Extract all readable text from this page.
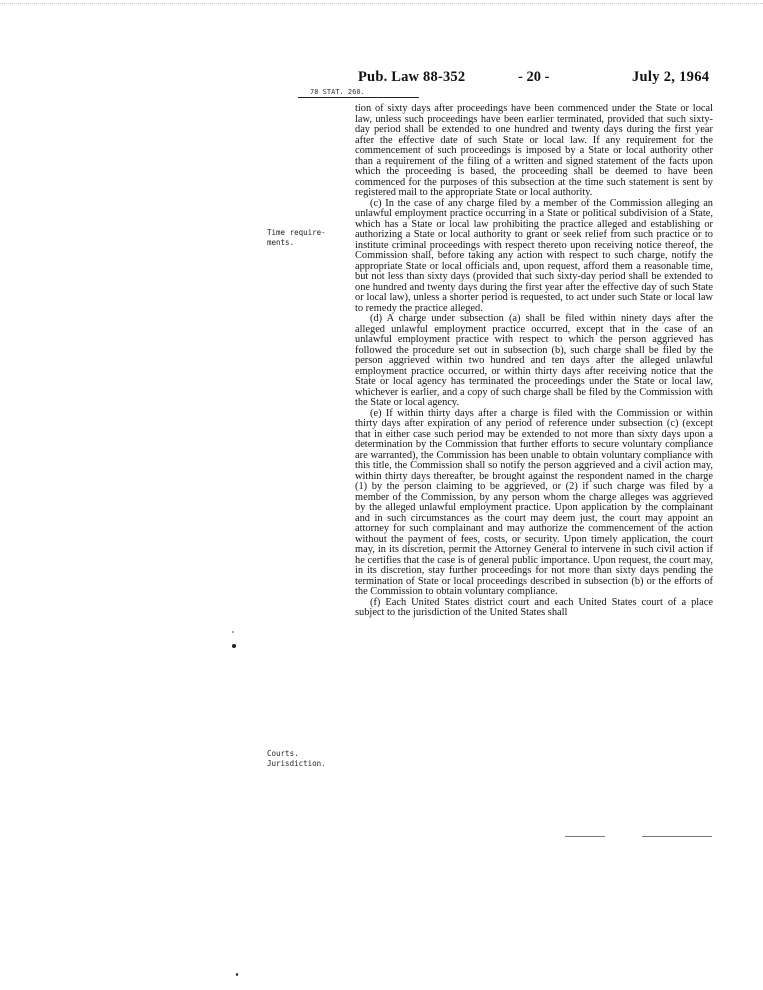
Pub. Law 88-352	- 20 -	July 2, 1964
78 STAT. 260.
Time require-
ments.
Courts.
Jurisdiction.

tion of sixty days after proceedings have been commenced under the State or local law, unless such proceedings have been earlier terminated, provided that such sixty-day period shall be extended to one hundred and twenty days during the first year after the effective date of such State or local law. If any requirement for the commencement of such proceedings is imposed by a State or local authority other than a requirement of the filing of a written and signed statement of the facts upon which the proceeding is based, the proceeding shall be deemed to have been commenced for the purposes of this subsection at the time such statement is sent by registered mail to the appropriate State or local authority.

(c) In the case of any charge filed by a member of the Commission alleging an unlawful employment practice occurring in a State or political subdivision of a State, which has a State or local law prohibiting the practice alleged and establishing or authorizing a State or local authority to grant or seek relief from such practice or to institute criminal proceedings with respect thereto upon receiving notice thereof, the Commission shall, before taking any action with respect to such charge, notify the appropriate State or local officials and, upon request, afford them a reasonable time, but not less than sixty days (provided that such sixty-day period shall be extended to one hundred and twenty days during the first year after the effective day of such State or local law), unless a shorter period is requested, to act under such State or local law to remedy the practice alleged.

(d) A charge under subsection (a) shall be filed within ninety days after the alleged unlawful employment practice occurred, except that in the case of an unlawful employment practice with respect to which the person aggrieved has followed the procedure set out in subsection (b), such charge shall be filed by the person aggrieved within two hundred and ten days after the alleged unlawful employment practice occurred, or within thirty days after receiving notice that the State or local agency has terminated the proceedings under the State or local law, whichever is earlier, and a copy of such charge shall be filed by the Commission with the State or local agency.

(e) If within thirty days after a charge is filed with the Commission or within thirty days after expiration of any period of reference under subsection (c) (except that in either case such period may be extended to not more than sixty days upon a determination by the Commission that further efforts to secure voluntary compliance are warranted), the Commission has been unable to obtain voluntary compliance with this title, the Commission shall so notify the person aggrieved and a civil action may, within thirty days thereafter, be brought against the respondent named in the charge (1) by the person claiming to be aggrieved, or (2) if such charge was filed by a member of the Commission, by any person whom the charge alleges was aggrieved by the alleged unlawful employment practice. Upon application by the complainant and in such circumstances as the court may deem just, the court may appoint an attorney for such complainant and may authorize the commencement of the action without the payment of fees, costs, or security. Upon timely application, the court may, in its discretion, permit the Attorney General to intervene in such civil action if he certifies that the case is of general public importance. Upon request, the court may, in its discretion, stay further proceedings for not more than sixty days pending the termination of State or local proceedings described in subsection (b) or the efforts of the Commission to obtain voluntary compliance.

(f) Each United States district court and each United States court of a place subject to the jurisdiction of the United States shall
